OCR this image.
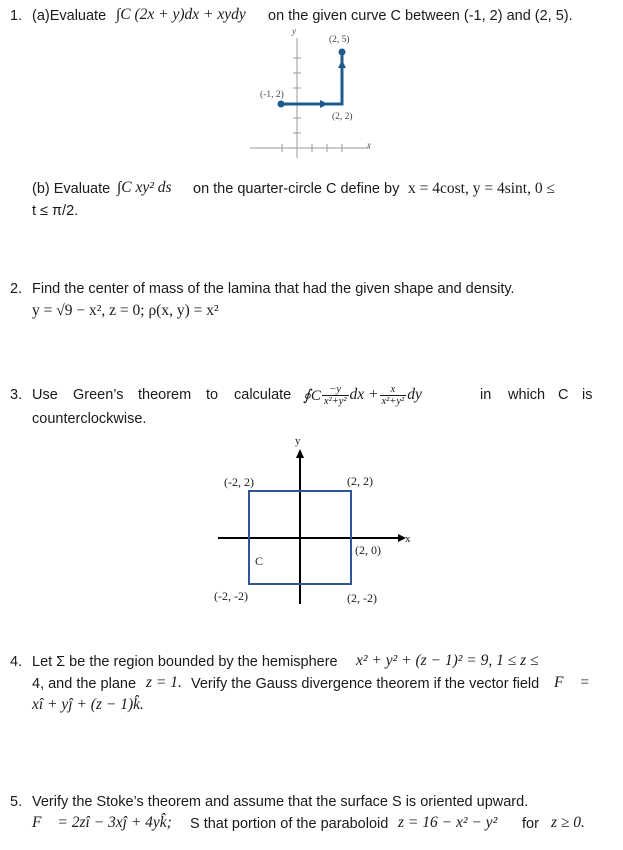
1. (a)Evaluate ∫C (2x + y)dx + xydy on the given curve C between (-1, 2) and (2, 5).
y
(2, 5)
(-1, 2)
(2, 2)
x
(b) Evaluate ∫C xy² ds on the quarter-circle C define by x = 4cost, y = 4sint, 0 ≤
t ≤ π/2.
2. Find the center of mass of the lamina that had the given shape and density.
y = √9 − x², z = 0; ρ(x, y) = x²
3. Use Green’s theorem to calculate ∮C $\frac{-y}{\text{x²+y²}}$ dx + $\frac{x}{\text{x²+y²}}$ dy	in which C is
counterclockwise.
y
(-2, 2)	(2, 2)
x
(2, 0)
C
(-2, -2)	(2, -2)
4. Let Σ be the region bounded by the hemisphere x² + y² + (z − 1)² = 9, 1 ≤ z ≤
4, and the plane z = 1. Verify the Gauss divergence theorem if the vector field F⃗ =
xî + yĵ + (z − 1)k̂.
5. Verify the Stoke’s theorem and assume that the surface S is oriented upward.
F⃗ = 2zî − 3xĵ + 4yk̂; S that portion of the paraboloid z = 16 − x² − y² for z ≥ 0.
